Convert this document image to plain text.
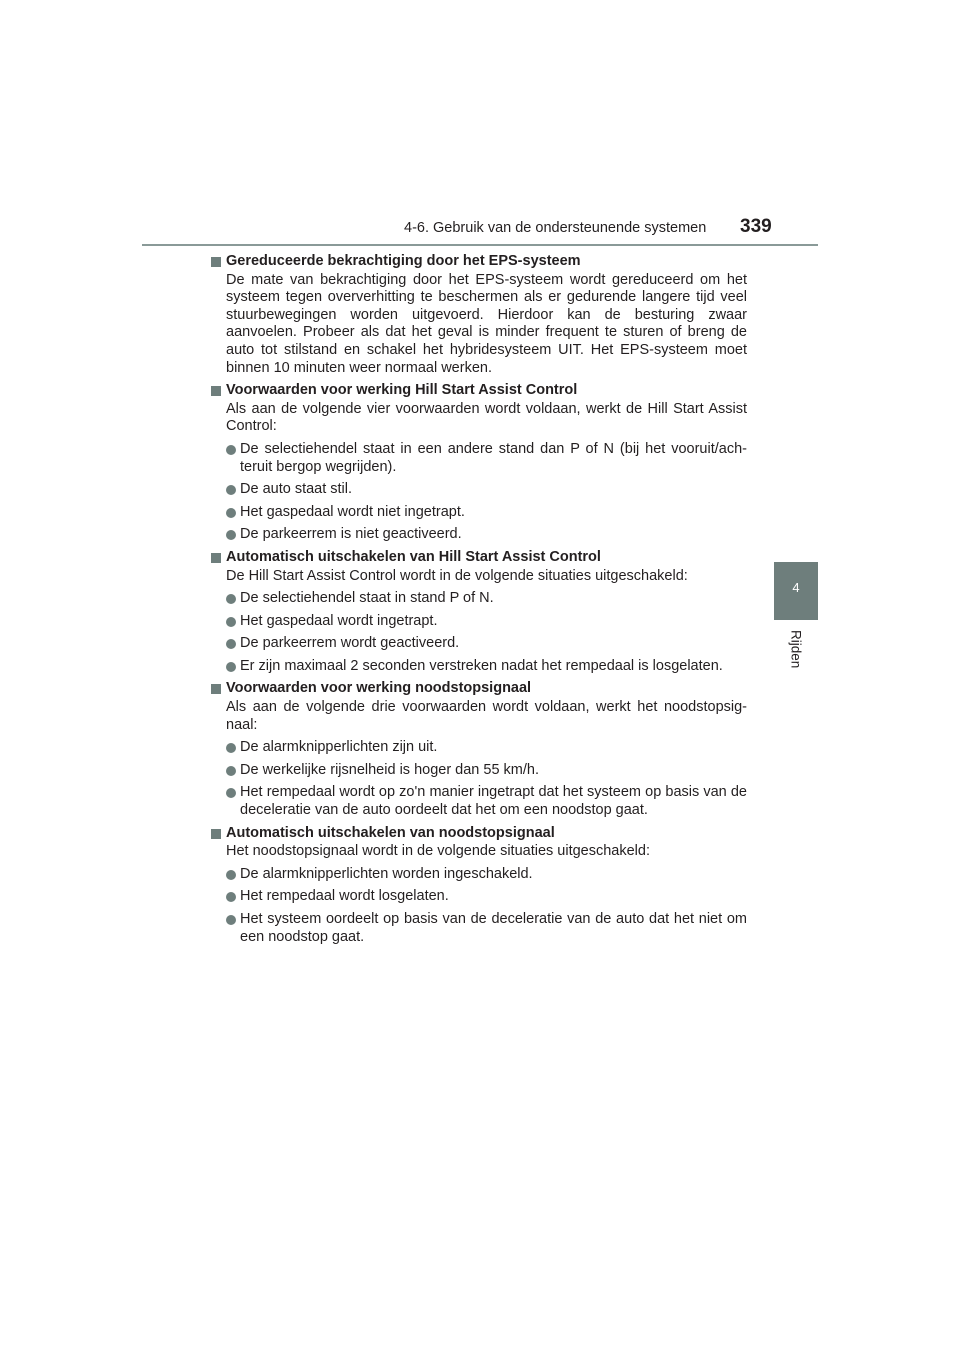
4-6. Gebruik van de ondersteunende systemen 339
4
Rijden
Gereduceerde bekrachtiging door het EPS-systeem
De mate van bekrachtiging door het EPS-systeem wordt gereduceerd om het systeem tegen oververhitting te beschermen als er gedurende langere tijd veel stuurbewegingen worden uitgevoerd. Hierdoor kan de besturing zwaar aanvoelen. Probeer als dat het geval is minder frequent te sturen of breng de auto tot stilstand en schakel het hybridesysteem UIT. Het EPS-systeem moet binnen 10 minuten weer normaal werken.
Voorwaarden voor werking Hill Start Assist Control
Als aan de volgende vier voorwaarden wordt voldaan, werkt de Hill Start Assist Control:
De selectiehendel staat in een andere stand dan P of N (bij het vooruit/ach- teruit bergop wegrijden).
De auto staat stil.
Het gaspedaal wordt niet ingetrapt.
De parkeerrem is niet geactiveerd.
Automatisch uitschakelen van Hill Start Assist Control
De Hill Start Assist Control wordt in de volgende situaties uitgeschakeld:
De selectiehendel staat in stand P of N.
Het gaspedaal wordt ingetrapt.
De parkeerrem wordt geactiveerd.
Er zijn maximaal 2 seconden verstreken nadat het rempedaal is losgelaten.
Voorwaarden voor werking noodstopsignaal
Als aan de volgende drie voorwaarden wordt voldaan, werkt het noodstopsig- naal:
De alarmknipperlichten zijn uit.
De werkelijke rijsnelheid is hoger dan 55 km/h.
Het rempedaal wordt op zo'n manier ingetrapt dat het systeem op basis van de deceleratie van de auto oordeelt dat het om een noodstop gaat.
Automatisch uitschakelen van noodstopsignaal
Het noodstopsignaal wordt in de volgende situaties uitgeschakeld:
De alarmknipperlichten worden ingeschakeld.
Het rempedaal wordt losgelaten.
Het systeem oordeelt op basis van de deceleratie van de auto dat het niet om een noodstop gaat.
